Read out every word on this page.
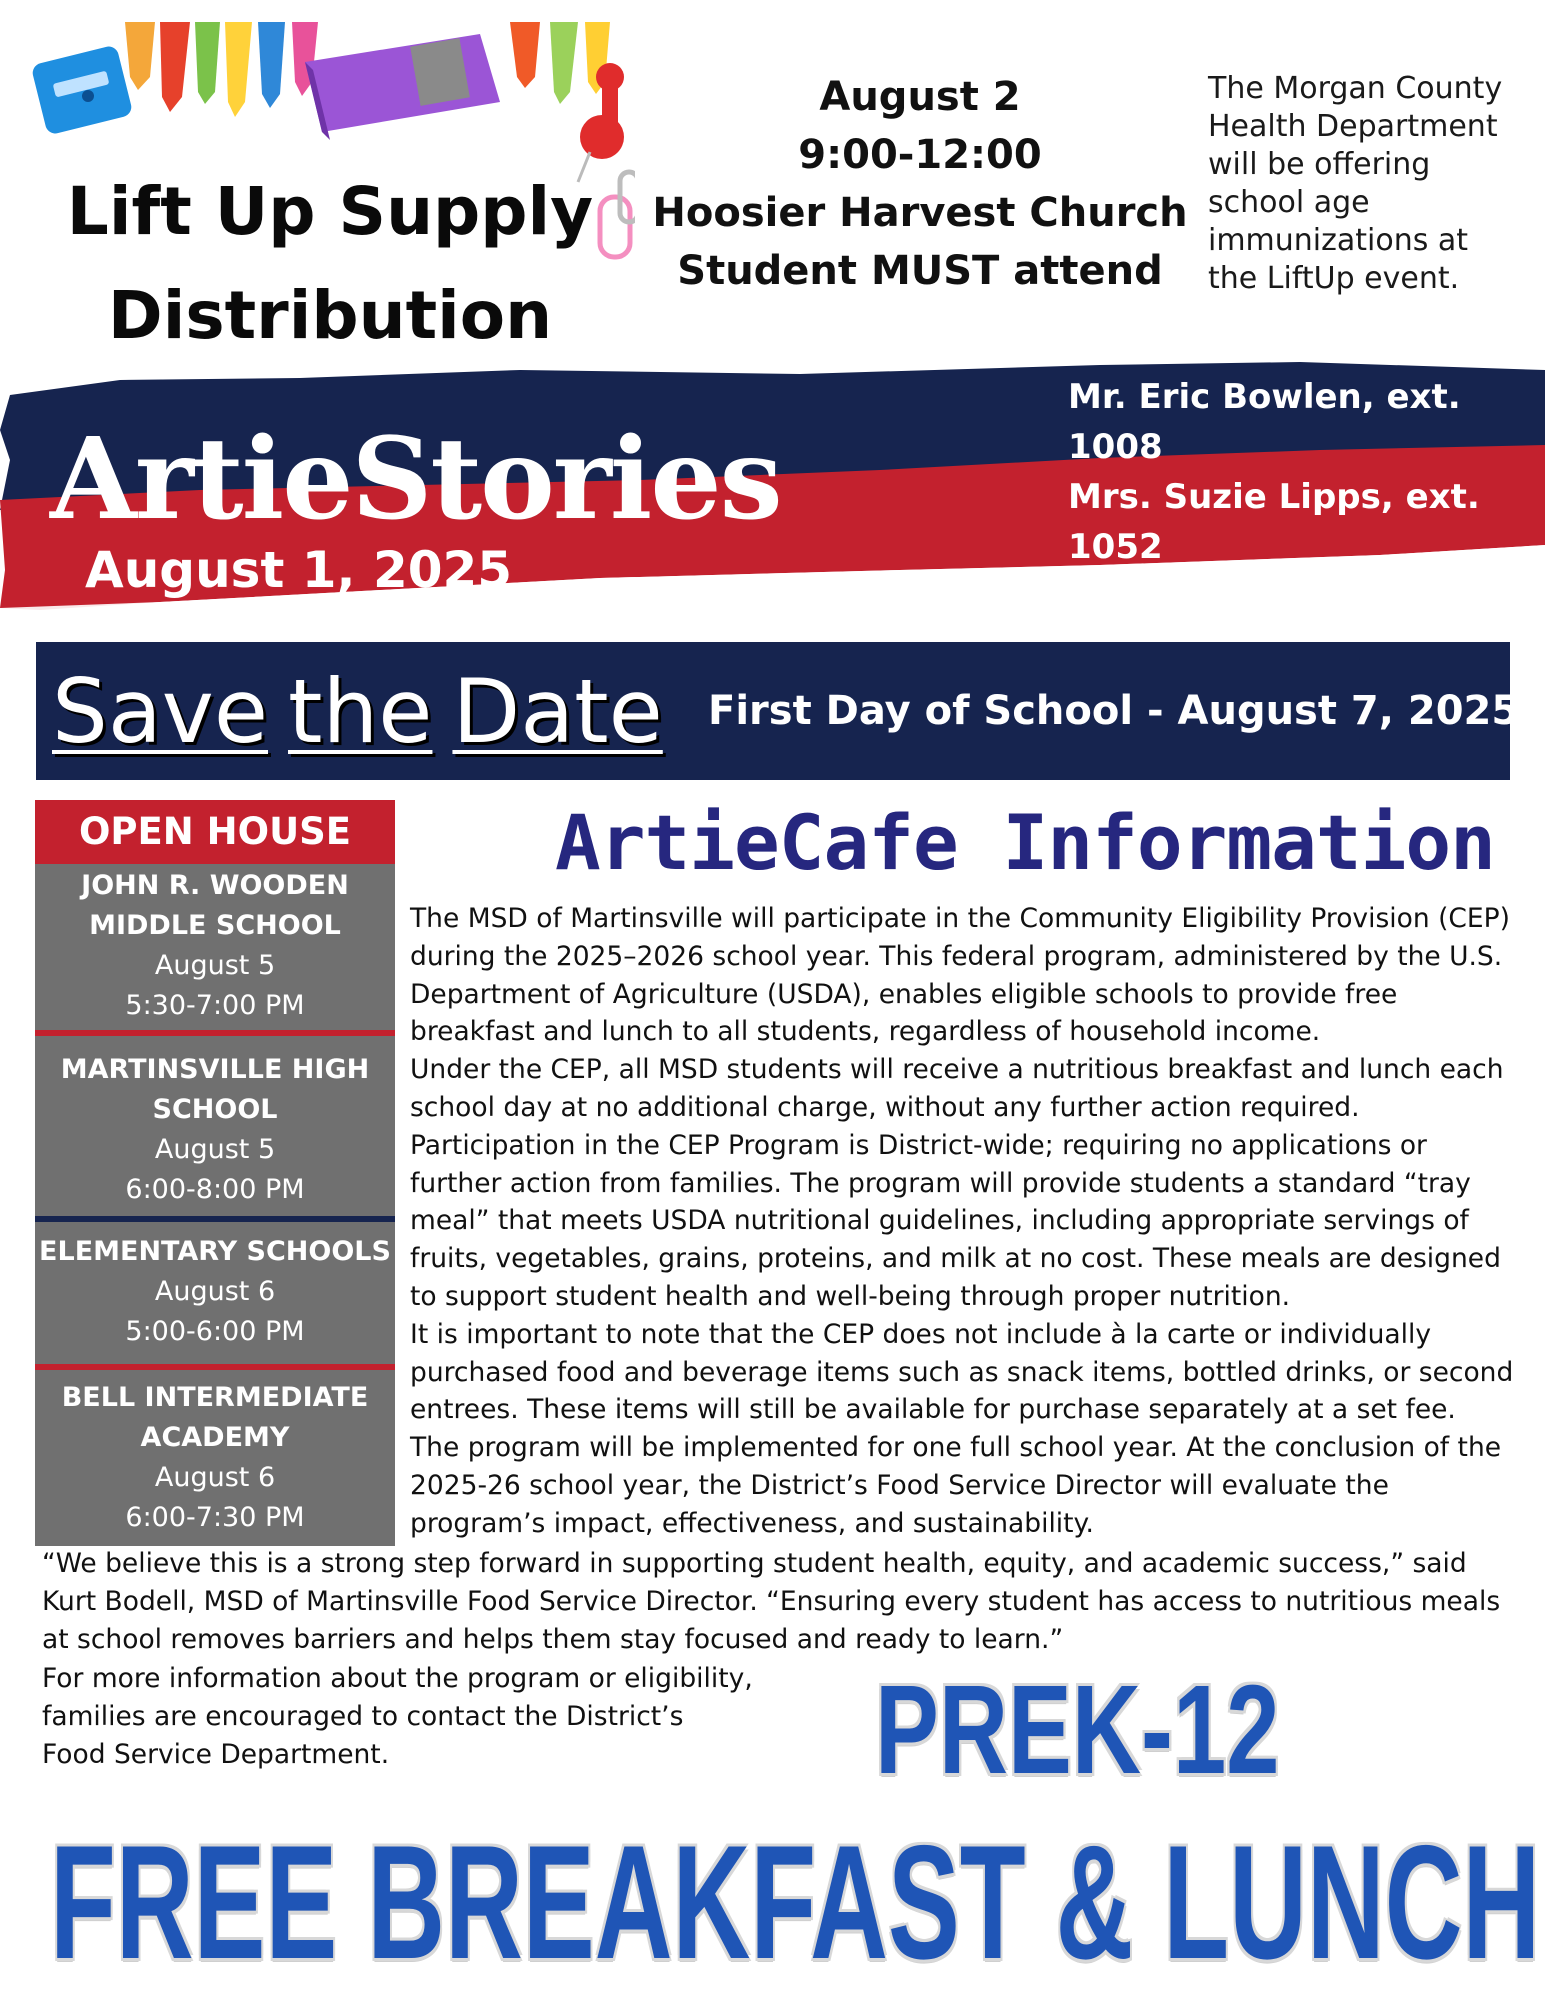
Lift Up Supply
Distribution
August 2
9:00-12:00
Hoosier Harvest Church
Student MUST attend
The Morgan County
Health Department
will be offering
school age
immunizations at
the LiftUp event.
ArtieStories
August 1, 2025
Mr. Eric Bowlen, ext. 1008
Mrs. Suzie Lipps, ext. 1052
Save the Date First Day of School - August 7, 2025
OPEN HOUSE
JOHN R. WOODEN
MIDDLE SCHOOL
August 5
5:30-7:00 PM
MARTINSVILLE HIGH
SCHOOL
August 5
6:00-8:00 PM
ELEMENTARY SCHOOLS
August 6
5:00-6:00 PM
BELL INTERMEDIATE
ACADEMY
August 6
6:00-7:30 PM
ArtieCafe Information

The MSD of Martinsville will participate in the Community Eligibility Provision (CEP) during the 2025–2026 school year. This federal program, administered by the U.S. Department of Agriculture (USDA), enables eligible schools to provide free breakfast and lunch to all students, regardless of household income.

Under the CEP, all MSD students will receive a nutritious breakfast and lunch each school day at no additional charge, without any further action required. Participation in the CEP Program is District-wide; requiring no applications or further action from families. The program will provide students a standard “tray meal” that meets USDA nutritional guidelines, including appropriate servings of fruits, vegetables, grains, proteins, and milk at no cost. These meals are designed to support student health and well-being through proper nutrition.

It is important to note that the CEP does not include à la carte or individually purchased food and beverage items such as snack items, bottled drinks, or second entrees. These items will still be available for purchase separately at a set fee.

The program will be implemented for one full school year. At the conclusion of the 2025-26 school year, the District’s Food Service Director will evaluate the program’s impact, effectiveness, and sustainability.

“We believe this is a strong step forward in supporting student health, equity, and academic success,” said Kurt Bodell, MSD of Martinsville Food Service Director. “Ensuring every student has access to nutritious meals at school removes barriers and helps them stay focused and ready to learn.”

For more information about the program or eligibility,
families are encouraged to contact the District’s
Food Service Department.	PREK-12
FREE BREAKFAST & LUNCH
